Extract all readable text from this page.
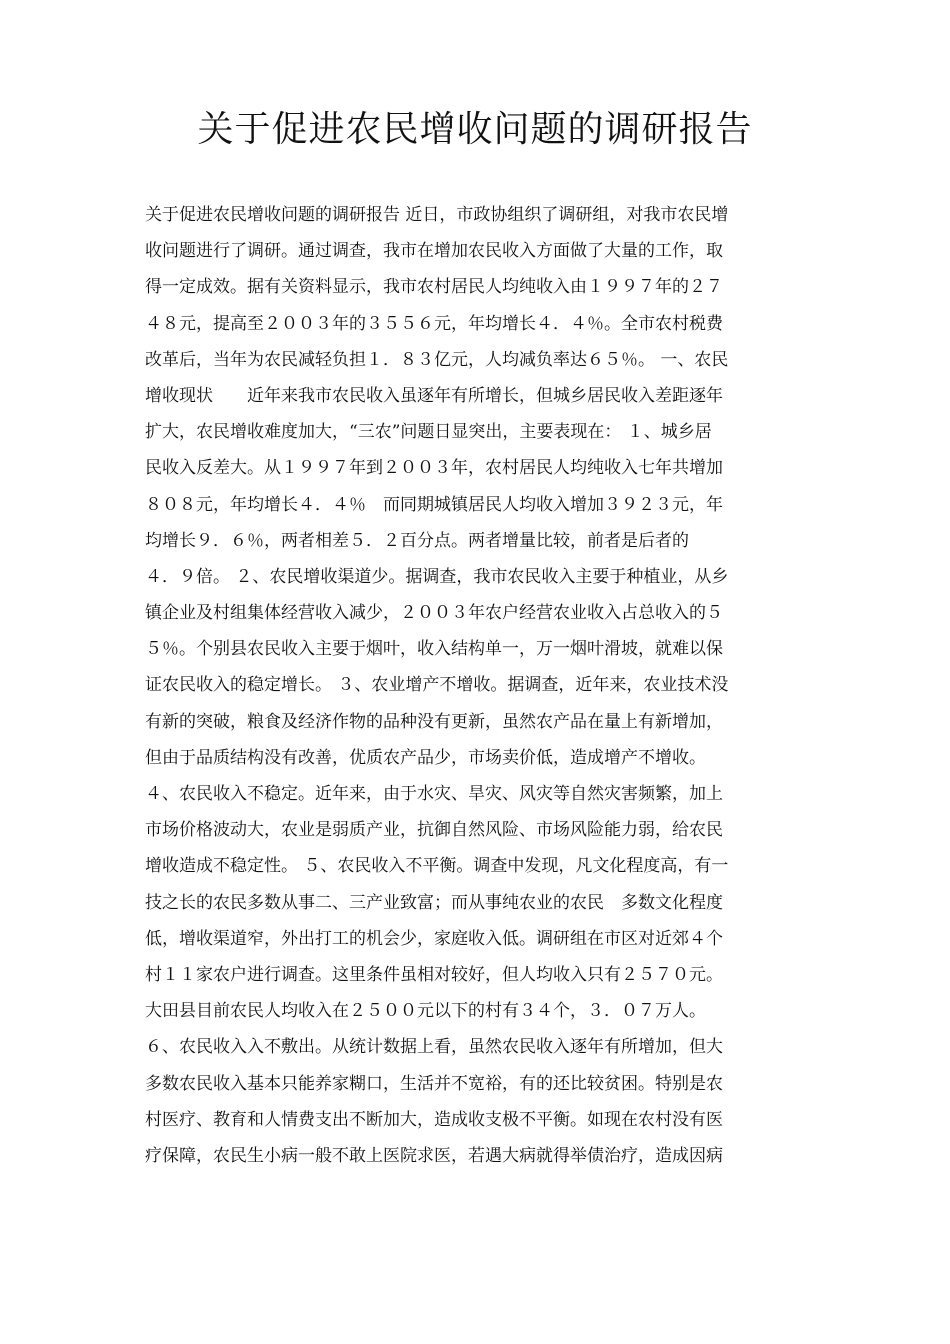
关于促进农民增收问题的调研报告
关于促进农民增收问题的调研报告 近日，市政协组织了调研组，对我市农民增
收问题进行了调研。通过调查，我市在增加农民收入方面做了大量的工作，取
得一定成效。据有关资料显示，我市农村居民人均纯收入由１９９７年的２７
４８元，提高至２００３年的３５５６元，年均增长４．４％。全市农村税费
改革后，当年为农民减轻负担１．８３亿元，人均减负率达６５％。 一、农民
增收现状　　近年来我市农民收入虽逐年有所增长，但城乡居民收入差距逐年
扩大，农民增收难度加大，“三农”问题日显突出，主要表现在： １、城乡居
民收入反差大。从１９９７年到２００３年，农村居民人均纯收入七年共增加
８０８元，年均增长４．４％　而同期城镇居民人均收入增加３９２３元，年
均增长９．６％，两者相差５．２百分点。两者增量比较，前者是后者的
４．９倍。 ２、农民增收渠道少。据调查，我市农民收入主要于种植业，从乡
镇企业及村组集体经营收入减少，２００３年农户经营农业收入占总收入的５
５％。个别县农民收入主要于烟叶，收入结构单一，万一烟叶滑坡，就难以保
证农民收入的稳定增长。 ３、农业增产不增收。据调查，近年来，农业技术没
有新的突破，粮食及经济作物的品种没有更新，虽然农产品在量上有新增加，
但由于品质结构没有改善，优质农产品少，市场卖价低，造成增产不增收。
４、农民收入不稳定。近年来，由于水灾、旱灾、风灾等自然灾害频繁，加上
市场价格波动大，农业是弱质产业，抗御自然风险、市场风险能力弱，给农民
增收造成不稳定性。 ５、农民收入不平衡。调查中发现，凡文化程度高，有一
技之长的农民多数从事二、三产业致富；而从事纯农业的农民　多数文化程度
低，增收渠道窄，外出打工的机会少，家庭收入低。调研组在市区对近郊４个
村１１家农户进行调查。这里条件虽相对较好，但人均收入只有２５７０元。
大田县目前农民人均收入在２５００元以下的村有３４个，３．０７万人。
６、农民收入入不敷出。从统计数据上看，虽然农民收入逐年有所增加，但大
多数农民收入基本只能养家糊口，生活并不宽裕，有的还比较贫困。特别是农
村医疗、教育和人情费支出不断加大，造成收支极不平衡。如现在农村没有医
疗保障，农民生小病一般不敢上医院求医，若遇大病就得举债治疗，造成因病
